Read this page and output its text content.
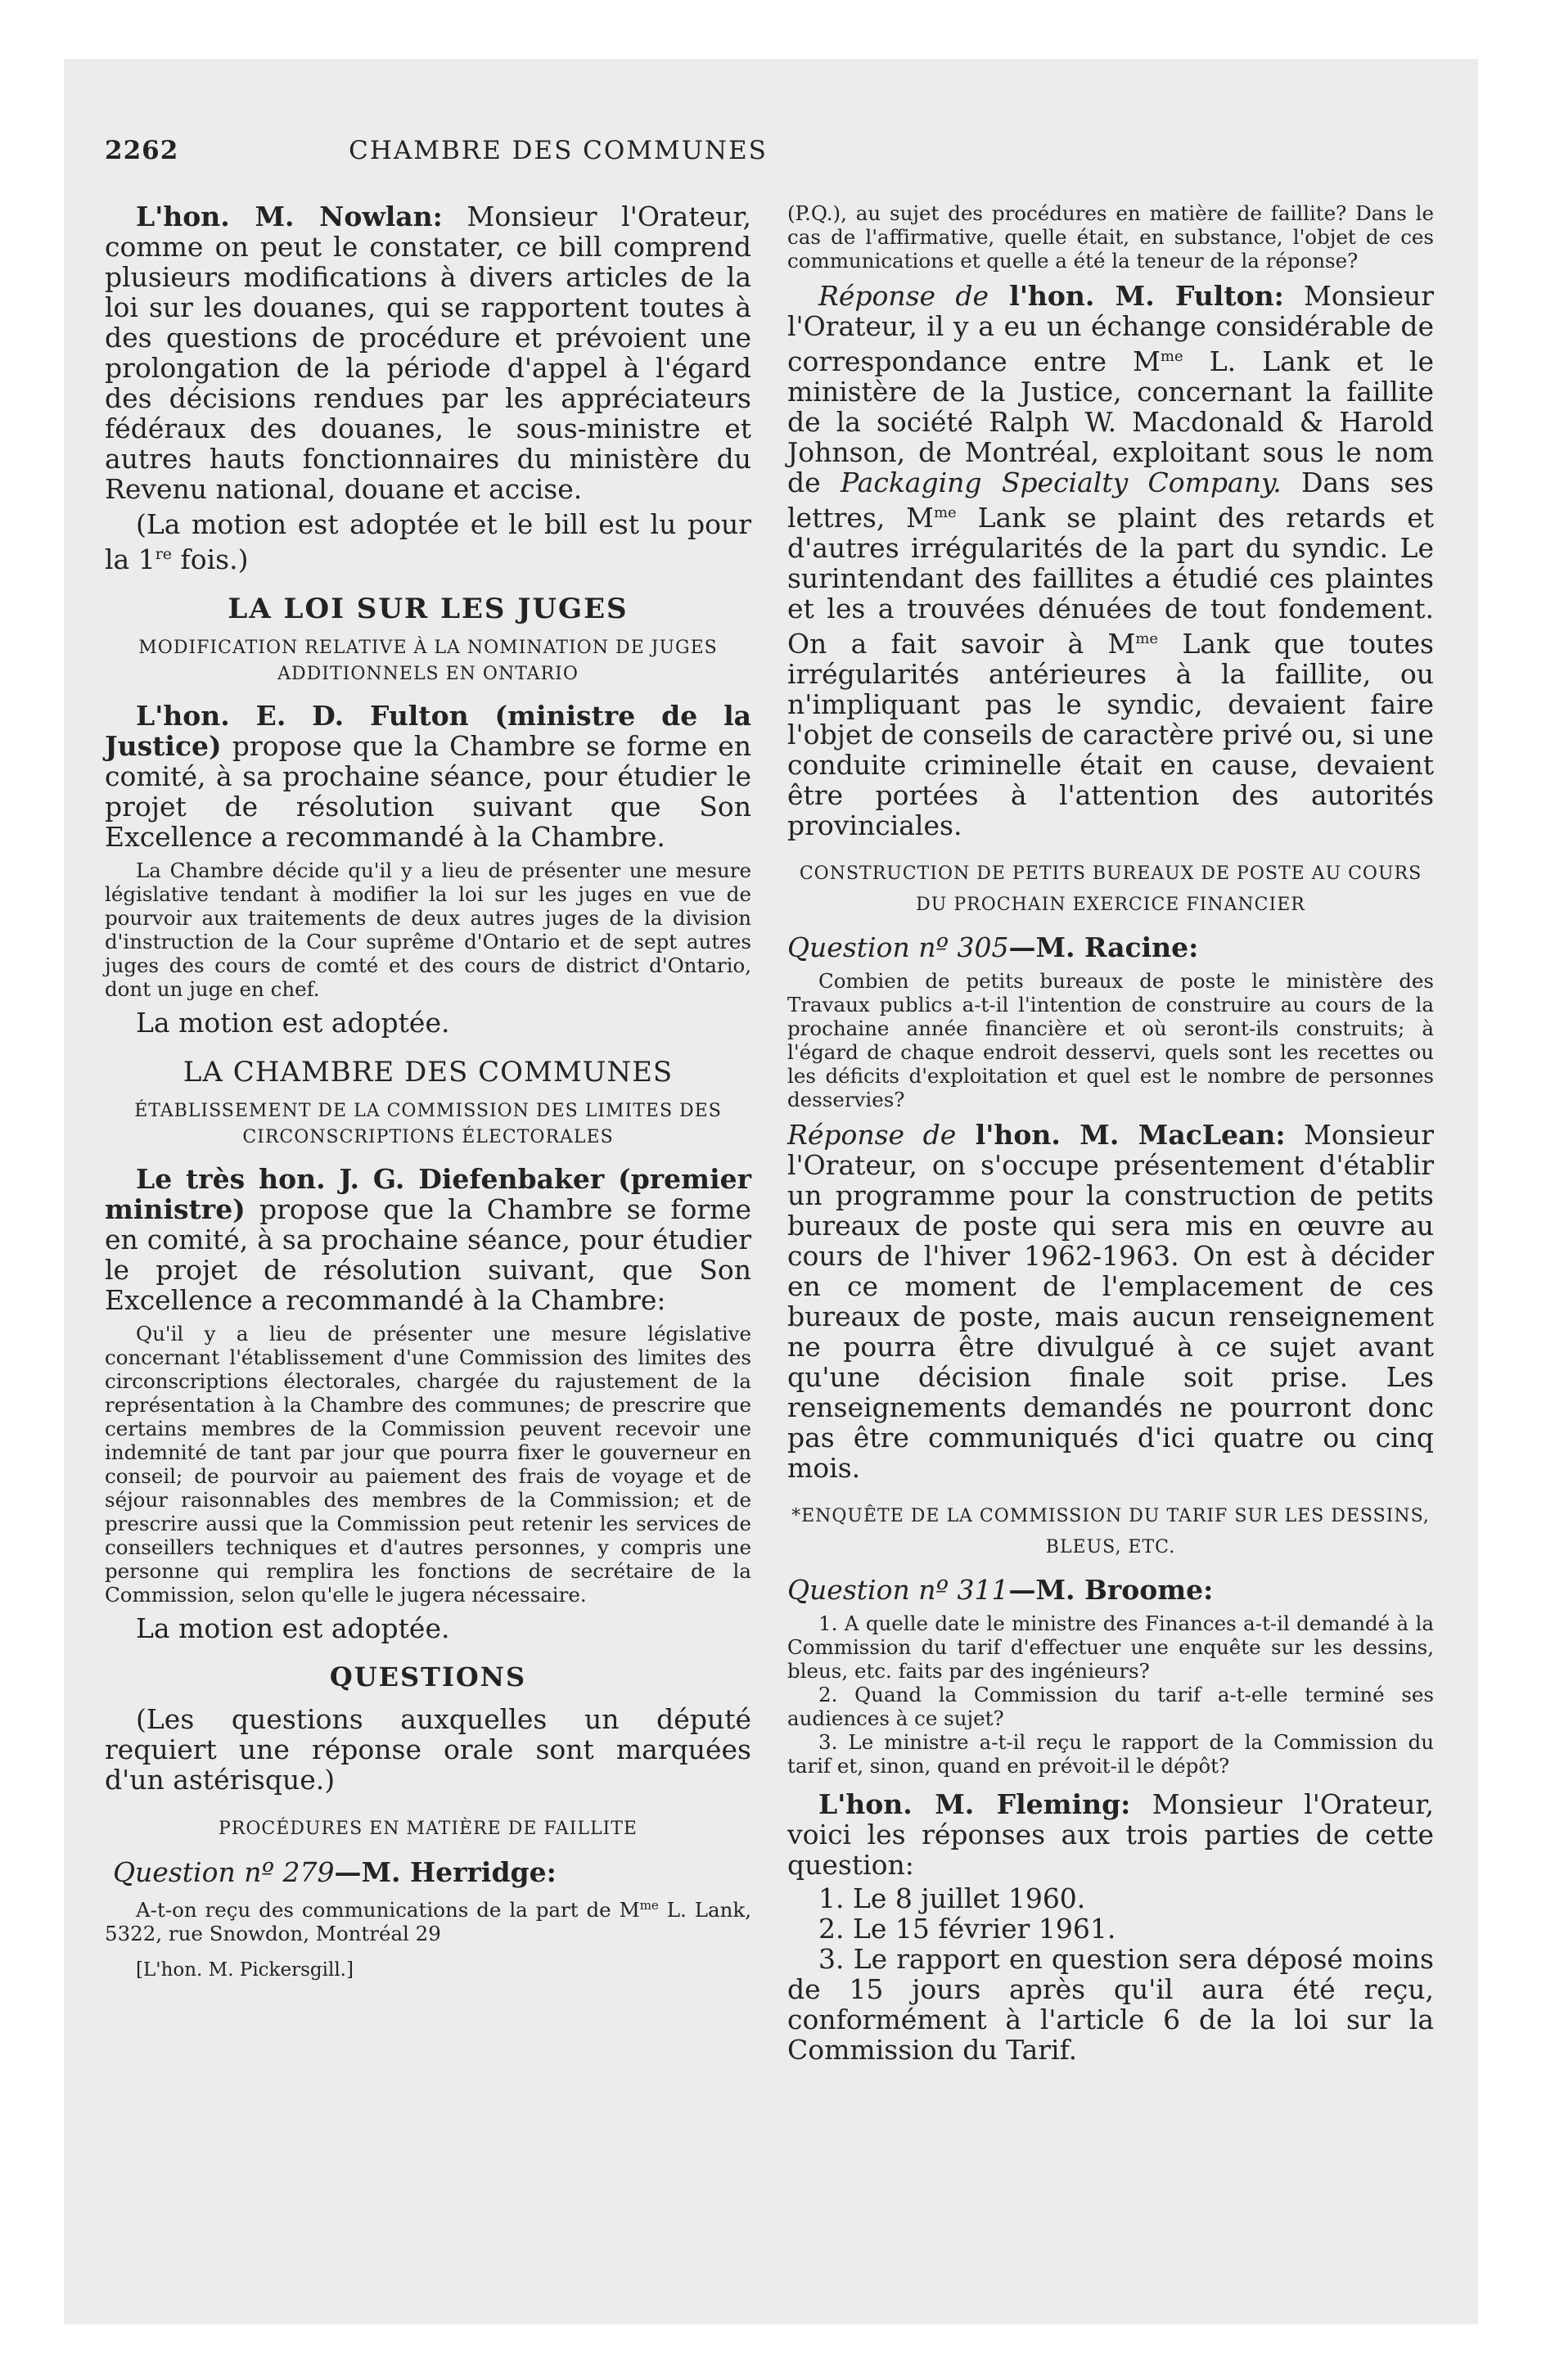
2262	CHAMBRE DES COMMUNES

L'hon. M. Nowlan: Monsieur l'Orateur, comme on peut le constater, ce bill comprend plusieurs modifications à divers articles de la loi sur les douanes, qui se rapportent toutes à des questions de procédure et prévoient une prolongation de la période d'appel à l'égard des décisions rendues par les appréciateurs fédéraux des douanes, le sous-ministre et autres hauts fonctionnaires du ministère du Revenu national, douane et accise.

(La motion est adoptée et le bill est lu pour la 1re fois.)

LA LOI SUR LES JUGES
MODIFICATION RELATIVE À LA NOMINATION DE JUGES ADDITIONNELS EN ONTARIO

L'hon. E. D. Fulton (ministre de la Justice) propose que la Chambre se forme en comité, à sa prochaine séance, pour étudier le projet de résolution suivant que Son Excellence a recommandé à la Chambre.

La Chambre décide qu'il y a lieu de présenter une mesure législative tendant à modifier la loi sur les juges en vue de pourvoir aux traitements de deux autres juges de la division d'instruction de la Cour suprême d'Ontario et de sept autres juges des cours de comté et des cours de district d'Ontario, dont un juge en chef.

La motion est adoptée.

LA CHAMBRE DES COMMUNES
ÉTABLISSEMENT DE LA COMMISSION DES LIMITES DES CIRCONSCRIPTIONS ÉLECTORALES

Le très hon. J. G. Diefenbaker (premier ministre) propose que la Chambre se forme en comité, à sa prochaine séance, pour étudier le projet de résolution suivant, que Son Excellence a recommandé à la Chambre:

Qu'il y a lieu de présenter une mesure législative concernant l'établissement d'une Commission des limites des circonscriptions électorales, chargée du rajustement de la représentation à la Chambre des communes; de prescrire que certains membres de la Commission peuvent recevoir une indemnité de tant par jour que pourra fixer le gouverneur en conseil; de pourvoir au paiement des frais de voyage et de séjour raisonnables des membres de la Commission; et de prescrire aussi que la Commission peut retenir les services de conseillers techniques et d'autres personnes, y compris une personne qui remplira les fonctions de secrétaire de la Commission, selon qu'elle le jugera nécessaire.

La motion est adoptée.

QUESTIONS

(Les questions auxquelles un député requiert une réponse orale sont marquées d'un astérisque.)

PROCÉDURES EN MATIÈRE DE FAILLITE

Question nº 279—M. Herridge:

A-t-on reçu des communications de la part de $M^{me}$ L. Lank, 5322, rue Snowdon, Montréal 29

[L'hon. M. Pickersgill.]

(P.Q.), au sujet des procédures en matière de faillite? Dans le cas de l'affirmative, quelle était, en substance, l'objet de ces communications et quelle a été la teneur de la réponse?

Réponse de l'hon. M. Fulton: Monsieur l'Orateur, il y a eu un échange considérable de correspondance entre $M^{me}$ L. Lank et le ministère de la Justice, concernant la faillite de la société Ralph W. Macdonald & Harold Johnson, de Montréal, exploitant sous le nom de Packaging Specialty Company. Dans ses lettres, $M^{me}$ Lank se plaint des retards et d'autres irrégularités de la part du syndic. Le surintendant des faillites a étudié ces plaintes et les a trouvées dénuées de tout fondement. On a fait savoir à $M^{me}$ Lank que toutes irrégularités antérieures à la faillite, ou n'impliquant pas le syndic, devaient faire l'objet de conseils de caractère privé ou, si une conduite criminelle était en cause, devaient être portées à l'attention des autorités provinciales.

CONSTRUCTION DE PETITS BUREAUX DE POSTE AU COURS DU PROCHAIN EXERCICE FINANCIER

Question nº 305—M. Racine:

Combien de petits bureaux de poste le ministère des Travaux publics a-t-il l'intention de construire au cours de la prochaine année financière et où seront-ils construits; à l'égard de chaque endroit desservi, quels sont les recettes ou les déficits d'exploitation et quel est le nombre de personnes desservies?

Réponse de l'hon. M. MacLean: Monsieur l'Orateur, on s'occupe présentement d'établir un programme pour la construction de petits bureaux de poste qui sera mis en œuvre au cours de l'hiver 1962-1963. On est à décider en ce moment de l'emplacement de ces bureaux de poste, mais aucun renseignement ne pourra être divulgué à ce sujet avant qu'une décision finale soit prise. Les renseignements demandés ne pourront donc pas être communiqués d'ici quatre ou cinq mois.

*ENQUÊTE DE LA COMMISSION DU TARIF SUR LES DESSINS, BLEUS, ETC.

Question nº 311—M. Broome:

1. A quelle date le ministre des Finances a-t-il demandé à la Commission du tarif d'effectuer une enquête sur les dessins, bleus, etc. faits par des ingénieurs?

2. Quand la Commission du tarif a-t-elle terminé ses audiences à ce sujet?

3. Le ministre a-t-il reçu le rapport de la Commission du tarif et, sinon, quand en prévoit-il le dépôt?

L'hon. M. Fleming: Monsieur l'Orateur, voici les réponses aux trois parties de cette question:

1. Le 8 juillet 1960.

2. Le 15 février 1961.

3. Le rapport en question sera déposé moins de 15 jours après qu'il aura été reçu, conformément à l'article 6 de la loi sur la Commission du Tarif.
